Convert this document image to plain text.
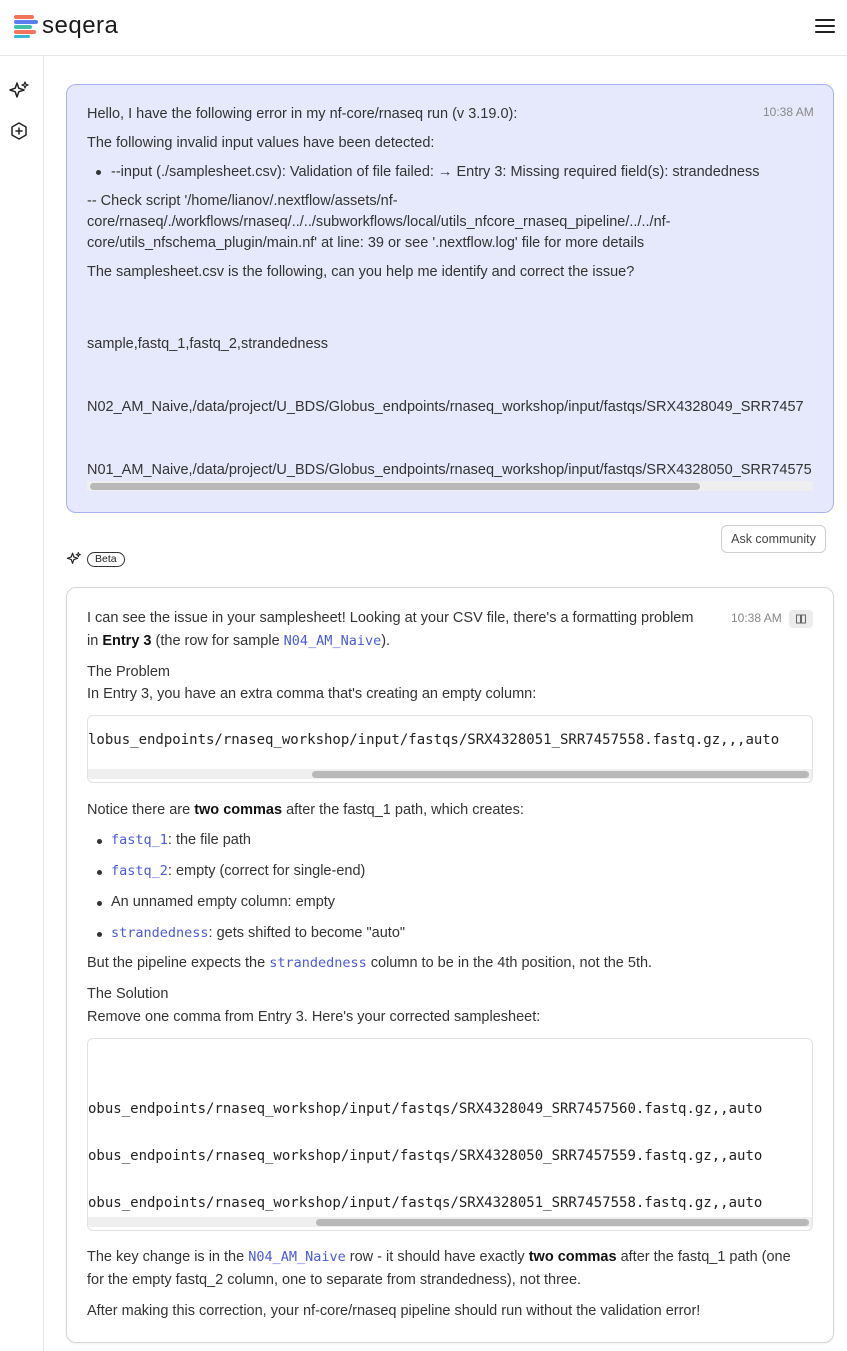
seqera
10:38 AM
Hello, I have the following error in my nf-core/rnaseq run (v 3.19.0):
The following invalid input values have been detected:
--input (./samplesheet.csv): Validation of file failed: → Entry 3: Missing required field(s): strandedness
-- Check script '/home/lianov/.nextflow/assets/nf-
core/rnaseq/./workflows/rnaseq/../../subworkflows/local/utils_nfcore_rnaseq_pipeline/../../nf-
core/utils_nfschema_plugin/main.nf' at line: 39 or see '.nextflow.log' file for more details
The samplesheet.csv is the following, can you help me identify and correct the issue?

sample,fastq_1,fastq_2,strandedness

N02_AM_Naive,/data/project/U_BDS/Globus_endpoints/rnaseq_workshop/input/fastqs/SRX4328049_SRR7457

N01_AM_Naive,/data/project/U_BDS/Globus_endpoints/rnaseq_workshop/input/fastqs/SRX4328050_SRR74575

Ask community
Beta
10:38 AM
I can see the issue in your samplesheet! Looking at your CSV file, there's a formatting problem
in Entry 3 (the row for sample N04_AM_Naive).
The Problem
In Entry 3, you have an extra comma that's creating an empty column:
lobus_endpoints/rnaseq_workshop/input/fastqs/SRX4328051_SRR7457558.fastq.gz,,,auto
Notice there are two commas after the fastq_1 path, which creates:
fastq_1: the file path
fastq_2: empty (correct for single-end)
An unnamed empty column: empty
strandedness: gets shifted to become "auto"
But the pipeline expects the strandedness column to be in the 4th position, not the 5th.
The Solution
Remove one comma from Entry 3. Here's your corrected samplesheet:

obus_endpoints/rnaseq_workshop/input/fastqs/SRX4328049_SRR7457560.fastq.gz,,auto

obus_endpoints/rnaseq_workshop/input/fastqs/SRX4328050_SRR7457559.fastq.gz,,auto

obus_endpoints/rnaseq_workshop/input/fastqs/SRX4328051_SRR7457558.fastq.gz,,auto

The key change is in the N04_AM_Naive row - it should have exactly two commas after the fastq_1 path (one
for the empty fastq_2 column, one to separate from strandedness), not three.
After making this correction, your nf-core/rnaseq pipeline should run without the validation error!
